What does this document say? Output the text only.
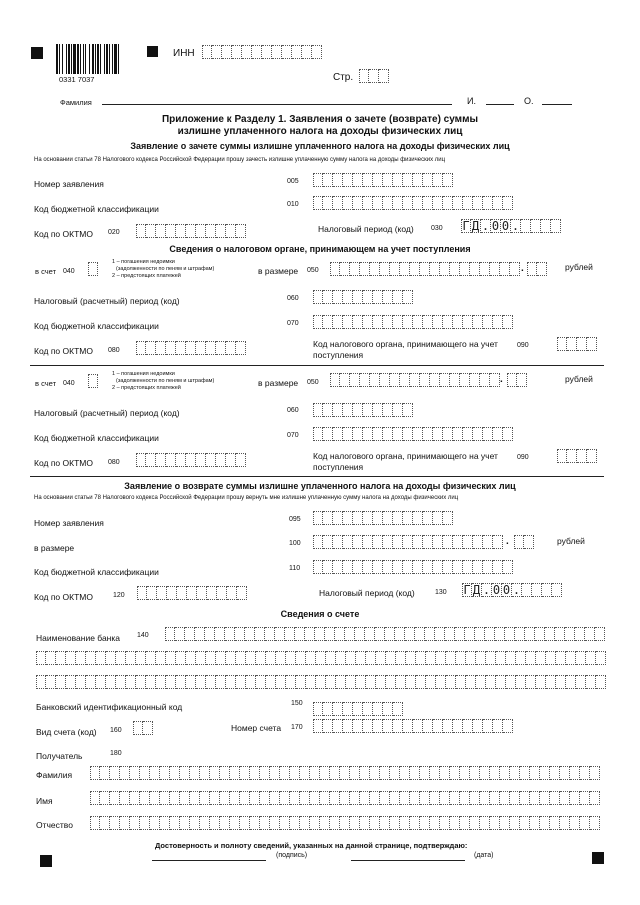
0331 7037
ИНН
Стр.
Фамилия	И.	О.
Приложение к Разделу 1. Заявления о зачете (возврате) суммы
излишне уплаченного налога на доходы физических лиц
Заявление о зачете суммы излишне уплаченного налога на доходы физических лиц
На основании статьи 78 Налогового кодекса Российской Федерации прошу зачесть излишне уплаченную сумму налога на доходы физических лиц
Номер заявления	005
Код бюджетной классификации	010
Код по ОКТМО 020	Налоговый период (код) 030 Г Д . 0 0 .
Сведения о налоговом органе, принимающем на учет поступления
в счет 040
1 – погашения недоимки
(задолженности по пеням и штрафам)
2 – предстоящих платежей	в размере 050	.	рублей
Налоговый (расчетный) период (код)	060
Код бюджетной классификации	070
Код по ОКТМО 080
Код налогового органа, принимающего на учет
поступления
090
в счет 040
1 – погашения недоимки
(задолженности по пеням и штрафам)
2 – предстоящих платежей	в размере 050	.	рублей
Налоговый (расчетный) период (код)	060
Код бюджетной классификации	070
Код по ОКТМО 080
Код налогового органа, принимающего на учет
поступления
090
Заявление о возврате суммы излишне уплаченного налога на доходы физических лиц
На основании статьи 78 Налогового кодекса Российской Федерации прошу вернуть мне излишне уплаченную сумму налога на доходы физических лиц
Номер заявления	095
в размере	100	.	рублей
Код бюджетной классификации	110
Код по ОКТМО	120	Налоговый период (код)	130 Г Д . 0 0 .
Сведения о счете
Наименование банка 140
Банковский идентификационный код	150
Вид счета (код) 160	Номер счета 170
Получатель	180
Фамилия
Имя
Отчество
Достоверность и полноту сведений, указанных на данной странице, подтверждаю:
(подпись)	(дата)
